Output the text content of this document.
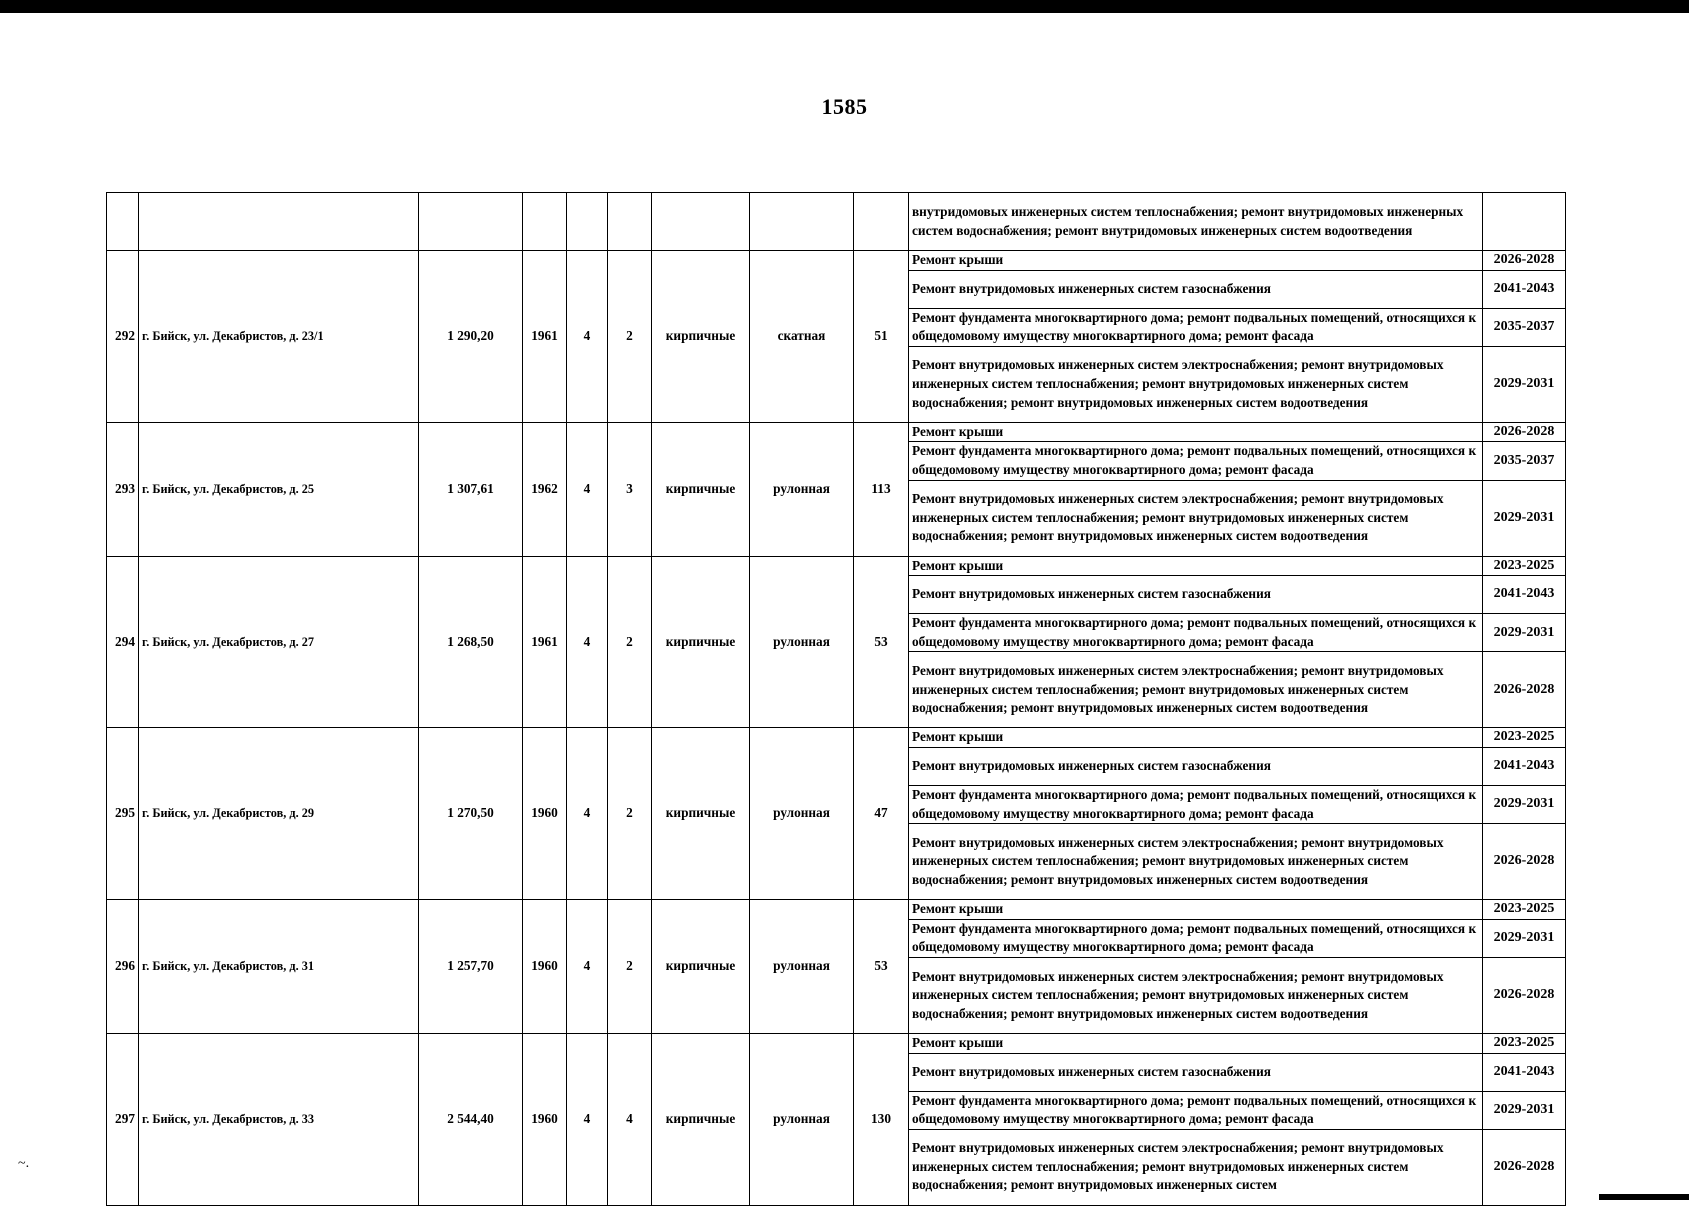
1585
									внутридомовых инженерных систем теплоснабжения; ремонт внутридомовых инженерных систем водоснабжения; ремонт внутридомовых инженерных систем водоотведения	
292	г. Бийск, ул. Декабристов, д. 23/1	1 290,20	1961	4	2	кирпичные	скатная	51	Ремонт крыши	2026-2028
									Ремонт внутридомовых инженерных систем газоснабжения	2041-2043
									Ремонт фундамента многоквартирного дома; ремонт подвальных помещений, относящихся к общедомовому имуществу многоквартирного дома; ремонт фасада	2035-2037
									Ремонт внутридомовых инженерных систем электроснабжения; ремонт внутридомовых инженерных систем теплоснабжения; ремонт внутридомовых инженерных систем водоснабжения; ремонт внутридомовых инженерных систем водоотведения	2029-2031
293	г. Бийск, ул. Декабристов, д. 25	1 307,61	1962	4	3	кирпичные	рулонная	113	Ремонт крыши	2026-2028
									Ремонт фундамента многоквартирного дома; ремонт подвальных помещений, относящихся к общедомовому имуществу многоквартирного дома; ремонт фасада	2035-2037
									Ремонт внутридомовых инженерных систем электроснабжения; ремонт внутридомовых инженерных систем теплоснабжения; ремонт внутридомовых инженерных систем водоснабжения; ремонт внутридомовых инженерных систем водоотведения	2029-2031
294	г. Бийск, ул. Декабристов, д. 27	1 268,50	1961	4	2	кирпичные	рулонная	53	Ремонт крыши	2023-2025
									Ремонт внутридомовых инженерных систем газоснабжения	2041-2043
									Ремонт фундамента многоквартирного дома; ремонт подвальных помещений, относящихся к общедомовому имуществу многоквартирного дома; ремонт фасада	2029-2031
									Ремонт внутридомовых инженерных систем электроснабжения; ремонт внутридомовых инженерных систем теплоснабжения; ремонт внутридомовых инженерных систем водоснабжения; ремонт внутридомовых инженерных систем водоотведения	2026-2028
295	г. Бийск, ул. Декабристов, д. 29	1 270,50	1960	4	2	кирпичные	рулонная	47	Ремонт крыши	2023-2025
									Ремонт внутридомовых инженерных систем газоснабжения	2041-2043
									Ремонт фундамента многоквартирного дома; ремонт подвальных помещений, относящихся к общедомовому имуществу многоквартирного дома; ремонт фасада	2029-2031
									Ремонт внутридомовых инженерных систем электроснабжения; ремонт внутридомовых инженерных систем теплоснабжения; ремонт внутридомовых инженерных систем водоснабжения; ремонт внутридомовых инженерных систем водоотведения	2026-2028
296	г. Бийск, ул. Декабристов, д. 31	1 257,70	1960	4	2	кирпичные	рулонная	53	Ремонт крыши	2023-2025
									Ремонт фундамента многоквартирного дома; ремонт подвальных помещений, относящихся к общедомовому имуществу многоквартирного дома; ремонт фасада	2029-2031
									Ремонт внутридомовых инженерных систем электроснабжения; ремонт внутридомовых инженерных систем теплоснабжения; ремонт внутридомовых инженерных систем водоснабжения; ремонт внутридомовых инженерных систем водоотведения	2026-2028
297	г. Бийск, ул. Декабристов, д. 33	2 544,40	1960	4	4	кирпичные	рулонная	130	Ремонт крыши	2023-2025
									Ремонт внутридомовых инженерных систем газоснабжения	2041-2043
									Ремонт фундамента многоквартирного дома; ремонт подвальных помещений, относящихся к общедомовому имуществу многоквартирного дома; ремонт фасада	2029-2031
									Ремонт внутридомовых инженерных систем электроснабжения; ремонт внутридомовых инженерных систем теплоснабжения; ремонт внутридомовых инженерных систем водоснабжения; ремонт внутридомовых инженерных систем	2026-2028
~.
